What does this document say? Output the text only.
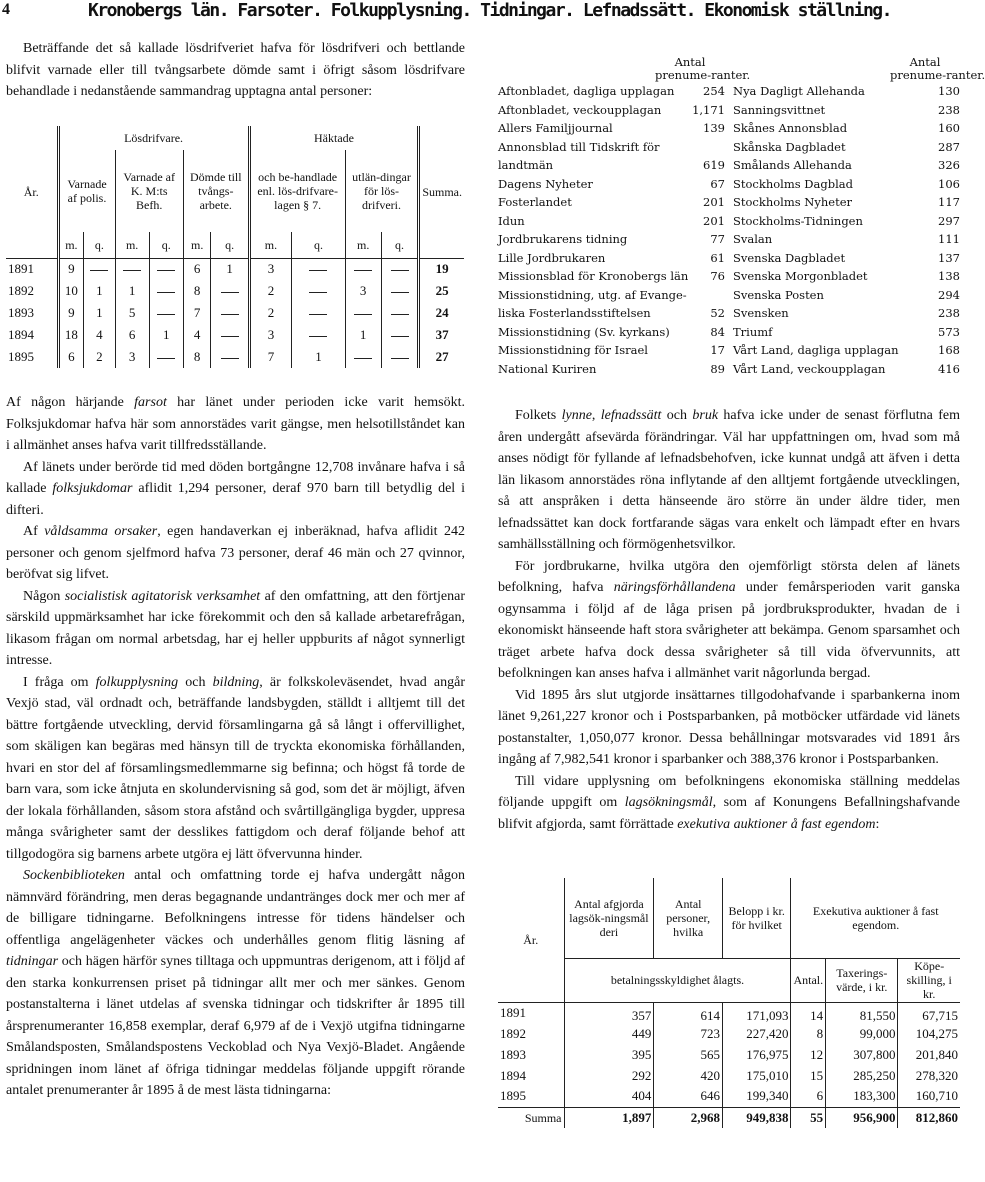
4	Kronobergs län. Farsoter. Folkupplysning. Tidningar. Lefnadssätt. Ekonomisk ställning.

Beträffande det så kallade lösdrifveriet hafva för lösdrifveri och bettlande blifvit varnade eller till tvångsarbete dömde samt i öfrigt såsom lösdrifvare behandlade i nedanstående sammandrag upptagna antal personer:

År.	Lösdrifvare.						Häktade				Summa.
	Varnade af polis.		Varnade af K. M:ts Befh.		Dömde till tvångs-arbete.		och be-handlade enl. lös-drifvare-lagen § 7.		utlän-dingar för lös-drifveri.		
	m.	q.	m.	q.	m.	q.	m.	q.	m.	q.	
1891	9				6	1	3				19
1892	10	1	1		8		2		3		25
1893	9	1	5		7		2				24
1894	18	4	6	1	4		3		1		37
1895	6	2	3		8		7	1			27

Af någon härjande farsot har länet under perioden icke varit hemsökt. Folksjukdomar hafva här som annorstädes varit gängse, men helsotillståndet kan i allmänhet anses hafva varit tillfredsställande.

Af länets under berörde tid med döden bortgångne 12,708 invånare hafva i så kallade folksjukdomar aflidit 1,294 personer, deraf 970 barn till betydlig del i difteri.

Af våldsamma orsaker, egen handaverkan ej inberäknad, hafva aflidit 242 personer och genom sjelfmord hafva 73 personer, deraf 46 män och 27 qvinnor, beröfvat sig lifvet.

Någon socialistisk agitatorisk verksamhet af den omfattning, att den förtjenar särskild uppmärksamhet har icke förekommit och den så kallade arbetarefrågan, likasom frågan om normal arbetsdag, har ej heller uppburits af något synnerligt intresse.

I fråga om folkupplysning och bildning, är folkskoleväsendet, hvad angår Vexjö stad, väl ordnadt och, beträffande landsbygden, ställdt i alltjemt till det bättre fortgående utveckling, dervid församlingarna gå så långt i offervillighet, som skäligen kan begäras med hänsyn till de tryckta ekonomiska förhållanden, hvari en stor del af församlingsmedlemmarne sig befinna; och högst få torde de barn vara, som icke åtnjuta en skolundervisning så god, som det är möjligt, äfven der lokala förhållanden, såsom stora afstånd och svårtillgängliga bygder, uppresa många svårigheter samt der desslikes fattigdom och deraf följande behof att tillgodogöra sig barnens arbete utgöra ej lätt öfvervunna hinder.

Sockenbiblioteken antal och omfattning torde ej hafva undergått någon nämnvärd förändring, men deras begagnande undantränges dock mer och mer af de billigare tidningarne. Befolkningens intresse för tidens händelser och offentliga angelägenheter väckes och underhålles genom flitig läsning af tidningar och hägen härför synes tilltaga och uppmuntras derigenom, att i följd af den starka konkurrensen priset på tidningar allt mer och mer sänkes. Genom postanstalterna i länet utdelas af svenska tidningar och tidskrifter år 1895 till årsprenumeranter 16,858 exemplar, deraf 6,979 af de i Vexjö utgifna tidningarne Smålandsposten, Smålandspostens Veckoblad och Nya Vexjö-Bladet. Angående spridningen inom länet af öfriga tidningar meddelas följande uppgift rörande antalet prenumeranter år 1895 å de mest lästa tidningarna:

Antal
prenume-ranter.
Aftonbladet, dagliga upplagan	254
Aftonbladet, veckoupplagan	1,171
Allers Familjjournal	139
Annonsblad till Tidskrift för
landtmän	619
Dagens Nyheter	67
Fosterlandet	201
Idun	201
Jordbrukarens tidning	77
Lille Jordbrukaren	61
Missionsblad för Kronobergs län	76
Missionstidning, utg. af Evange-
liska Fosterlandsstiftelsen	52
Missionstidning (Sv. kyrkans)	84
Missionstidning för Israel	17
National Kuriren	89
Antal
prenume-ranter.
Nya Dagligt Allehanda	130
Sanningsvittnet	238
Skånes Annonsblad	160
Skånska Dagbladet	287
Smålands Allehanda	326
Stockholms Dagblad	106
Stockholms Nyheter	117
Stockholms-Tidningen	297
Svalan	111
Svenska Dagbladet	137
Svenska Morgonbladet	138
Svenska Posten	294
Svensken	238
Triumf	573
Vårt Land, dagliga upplagan	168
Vårt Land, veckoupplagan	416

Folkets lynne, lefnadssätt och bruk hafva icke under de senast förflutna fem åren undergått afsevärda förändringar. Väl har uppfattningen om, hvad som må anses nödigt för fyllande af lefnadsbehofven, icke kunnat undgå att äfven i detta län likasom annorstädes röna inflytande af den alltjemt fortgående utvecklingen, så att anspråken i detta hänseende äro större än under äldre tider, men lefnadssättet kan dock fortfarande sägas vara enkelt och lämpadt efter en hvars samhällsställning och förmögenhetsvilkor.

För jordbrukarne, hvilka utgöra den ojemförligt största delen af länets befolkning, hafva näringsförhållandena under femårsperioden varit ganska ogynsamma i följd af de låga prisen på jordbruksprodukter, hvadan de i ekonomiskt hänseende haft stora svårigheter att bekämpa. Genom sparsamhet och träget arbete hafva dock dessa svårigheter så till vida öfvervunnits, att befolkningen kan anses hafva i allmänhet varit någorlunda bergad.

Vid 1895 års slut utgjorde insättarnes tillgodohafvande i sparbankerna inom länet 9,261,227 kronor och i Postsparbanken, på motböcker utfärdade vid länets postanstalter, 1,050,077 kronor. Dessa behållningar motsvarades vid 1891 års ingång af 7,982,541 kronor i sparbanker och 388,376 kronor i Postsparbanken.

Till vidare upplysning om befolkningens ekonomiska ställning meddelas följande uppgift om lagsökningsmål, som af Konungens Befallningshafvande blifvit afgjorda, samt förrättade exekutiva auktioner å fast egendom:

År.	Antal afgjorda lagsök-ningsmål deri	Antal personer, hvilka	Belopp i kr. för hvilket	Exekutiva auktioner å fast egendom.		
	betalningsskyldighet ålagts.			Antal.	Taxerings-värde, i kr.	Köpe-skilling, i kr.
1891	357	614	171,093	14	81,550	67,715
1892	449	723	227,420	8	99,000	104,275
1893	395	565	176,975	12	307,800	201,840
1894	292	420	175,010	15	285,250	278,320
1895	404	646	199,340	6	183,300	160,710
Summa	1,897	2,968	949,838	55	956,900	812,860
